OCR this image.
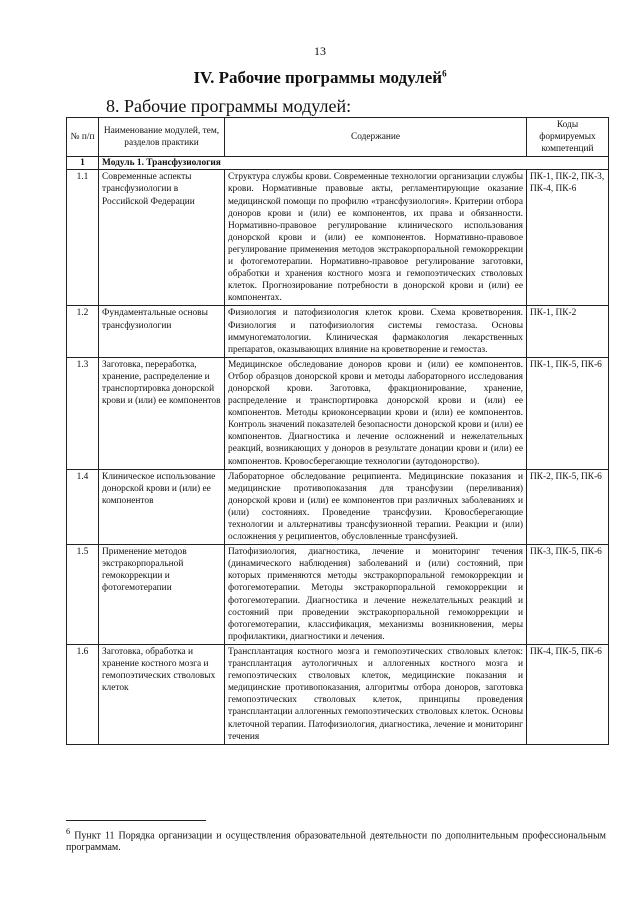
13
IV. Рабочие программы модулей$^6$
8. Рабочие программы модулей:
№ п/п	Наименование модулей, тем, разделов практики	Содержание	Коды формируемых компетенций
1	Модуль 1. Трансфузиология		
1.1	Современные аспекты трансфузиологии в Российской Федерации	Структура службы крови. Современные технологии организации службы крови. Нормативные правовые акты, регламентирующие оказание медицинской помощи по профилю «трансфузиология». Критерии отбора доноров крови и (или) ее компонентов, их права и обязанности. Нормативно-правовое регулирование клинического использования донорской крови и (или) ее компонентов. Нормативно-правовое регулирование применения методов экстракорпоральной гемокоррекции и фотогемотерапии. Нормативно-правовое регулирование заготовки, обработки и хранения костного мозга и гемопоэтических стволовых клеток. Прогнозирование потребности в донорской крови и (или) ее компонентах.	ПК-1, ПК-2, ПК-3, ПК-4, ПК-6
1.2	Фундаментальные основы трансфузиологии	Физиология и патофизиология клеток крови. Схема кроветворения. Физиология и патофизиология системы гемостаза. Основы иммуногематологии. Клиническая фармакология лекарственных препаратов, оказывающих влияние на кроветворение и гемостаз.	ПК-1, ПК-2
1.3	Заготовка, переработка, хранение, распределение и транспортировка донорской крови и (или) ее компонентов	Медицинское обследование доноров крови и (или) ее компонентов. Отбор образцов донорской крови и методы лабораторного исследования донорской крови. Заготовка, фракционирование, хранение, распределение и транспортировка донорской крови и (или) ее компонентов. Методы криоконсервации крови и (или) ее компонентов. Контроль значений показателей безопасности донорской крови и (или) ее компонентов. Диагностика и лечение осложнений и нежелательных реакций, возникающих у доноров в результате донации крови и (или) ее компонентов. Кровосберегающие технологии (аутодонорство).	ПК-1, ПК-5, ПК-6
1.4	Клиническое использование донорской крови и (или) ее компонентов	Лабораторное обследование реципиента. Медицинские показания и медицинские противопоказания для трансфузии (переливания) донорской крови и (или) ее компонентов при различных заболеваниях и (или) состояниях. Проведение трансфузии. Кровосберегающие технологии и альтернативы трансфузионной терапии. Реакции и (или) осложнения у реципиентов, обусловленные трансфузией.	ПК-2, ПК-5, ПК-6
1.5	Применение методов экстракорпоральной гемокоррекции и фотогемотерапии	Патофизиология, диагностика, лечение и мониторинг течения (динамического наблюдения) заболеваний и (или) состояний, при которых применяются методы экстракорпоральной гемокоррекции и фотогемотерапии. Методы экстракорпоральной гемокоррекции и фотогемотерапии. Диагностика и лечение нежелательных реакций и состояний при проведении экстракорпоральной гемокоррекции и фотогемотерапии, классификация, механизмы возникновения, меры профилактики, диагностики и лечения.	ПК-3, ПК-5, ПК-6
1.6	Заготовка, обработка и хранение костного мозга и гемопоэтических стволовых клеток	Трансплантация костного мозга и гемопоэтических стволовых клеток: трансплантация аутологичных и аллогенных костного мозга и гемопоэтических стволовых клеток, медицинские показания и медицинские противопоказания, алгоритмы отбора доноров, заготовка гемопоэтических стволовых клеток, принципы проведения трансплантации аллогенных гемопоэтических стволовых клеток. Основы клеточной терапии. Патофизиология, диагностика, лечение и мониторинг течения	ПК-4, ПК-5, ПК-6
$^6$ Пункт 11 Порядка организации и осуществления образовательной деятельности по дополнительным профессиональным программам.
